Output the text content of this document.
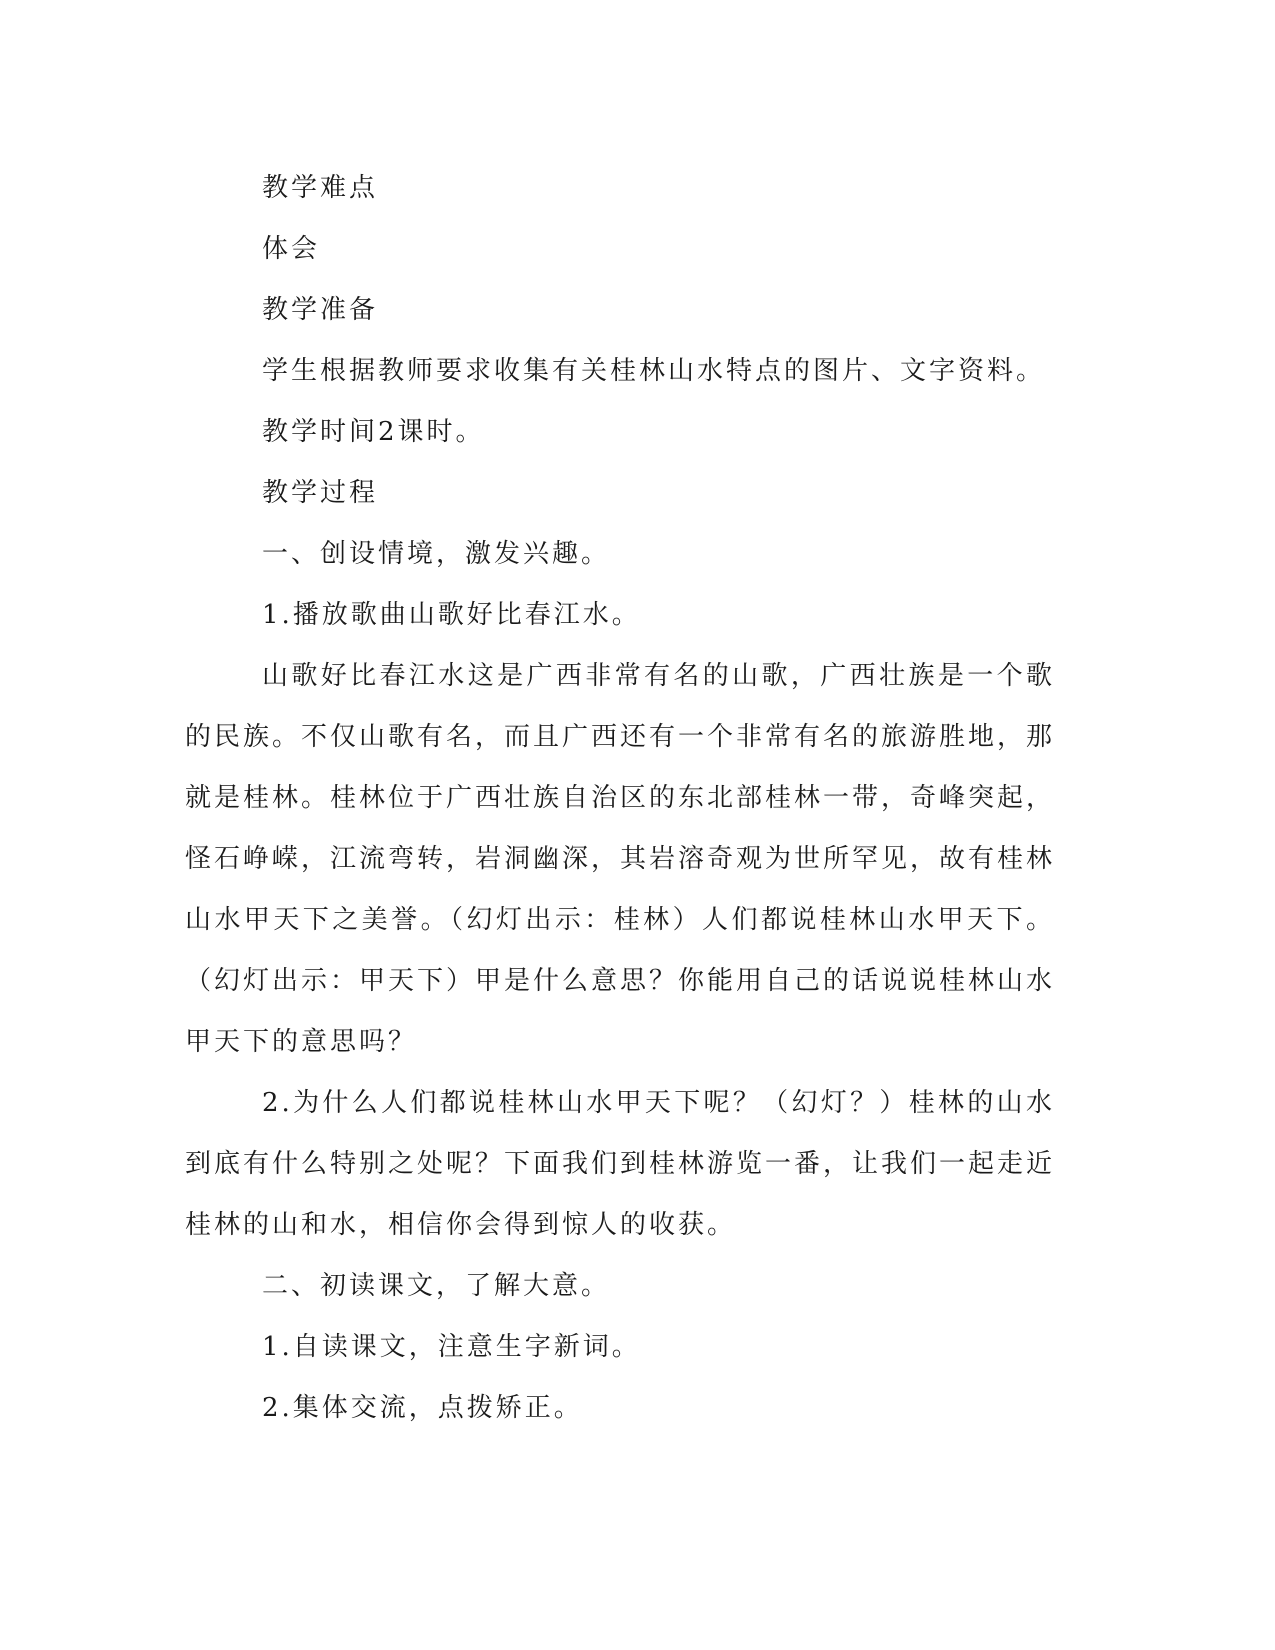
教学难点

体会

教学准备

学生根据教师要求收集有关桂林山水特点的图片、文字资料。

教学时间2课时。

教学过程

一、创设情境，激发兴趣。

1.播放歌曲山歌好比春江水。

山歌好比春江水这是广西非常有名的山歌，广西壮族是一个歌的民族。不仅山歌有名，而且广西还有一个非常有名的旅游胜地，那就是桂林。桂林位于广西壮族自治区的东北部桂林一带，奇峰突起，怪石峥嵘，江流弯转，岩洞幽深，其岩溶奇观为世所罕见，故有桂林山水甲天下之美誉。（幻灯出示：桂林）人们都说桂林山水甲天下。（幻灯出示：甲天下）甲是什么意思？你能用自己的话说说桂林山水甲天下的意思吗？

2.为什么人们都说桂林山水甲天下呢？（幻灯？）桂林的山水到底有什么特别之处呢？下面我们到桂林游览一番，让我们一起走近桂林的山和水，相信你会得到惊人的收获。

二、初读课文，了解大意。

1.自读课文，注意生字新词。

2.集体交流，点拨矫正。
